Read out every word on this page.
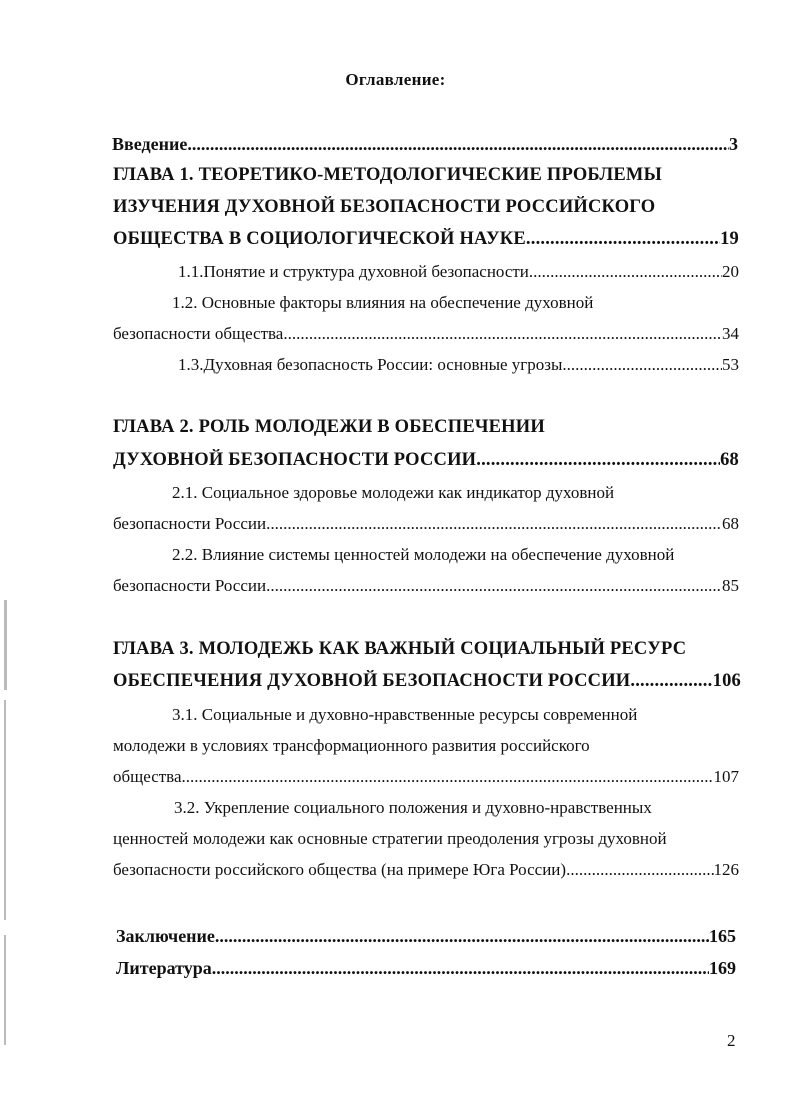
Оглавление:
Введение .....	3
ГЛАВА 1. ТЕОРЕТИКО-МЕТОДОЛОГИЧЕСКИЕ ПРОБЛЕМЫ
ИЗУЧЕНИЯ ДУХОВНОЙ БЕЗОПАСНОСТИ РОССИЙСКОГО
ОБЩЕСТВА В СОЦИОЛОГИЧЕСКОЙ НАУКЕ .....	19
1.1.Понятие и структура духовной безопасности .....	20
1.2. Основные факторы влияния на обеспечение духовной
безопасности общества .....	34
1.3.Духовная безопасность России: основные угрозы .....	53
ГЛАВА 2. РОЛЬ МОЛОДЕЖИ В ОБЕСПЕЧЕНИИ
ДУХОВНОЙ БЕЗОПАСНОСТИ РОССИИ .....	68
2.1. Социальное здоровье молодежи как индикатор духовной
безопасности России .....	68
2.2. Влияние системы ценностей молодежи на обеспечение духовной
безопасности России .....	85
ГЛАВА 3. МОЛОДЕЖЬ КАК ВАЖНЫЙ СОЦИАЛЬНЫЙ РЕСУРС
ОБЕСПЕЧЕНИЯ ДУХОВНОЙ БЕЗОПАСНОСТИ РОССИИ .....	106
3.1. Социальные и духовно-нравственные ресурсы современной
молодежи в условиях трансформационного развития российского
общества .....	107
3.2. Укрепление социального положения и духовно-нравственных
ценностей молодежи как основные стратегии преодоления угрозы духовной
безопасности российского общества (на примере Юга России) .....	126
Заключение .....	165
Литература .....	169
2
